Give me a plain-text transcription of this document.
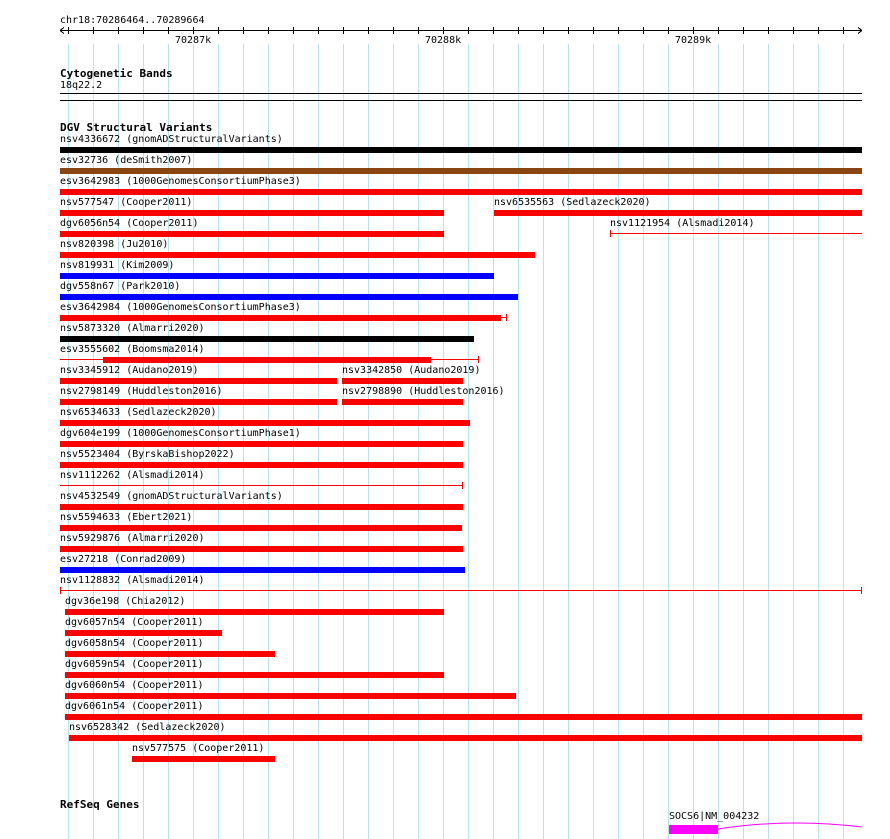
chr18:70286464..70289664
70287k	70288k	70289k
Cytogenetic Bands
18q22.2
DGV Structural Variants
nsv4336672 (gnomADStructuralVariants)
esv32736 (deSmith2007)
esv3642983 (1000GenomesConsortiumPhase3)
nsv577547 (Cooper2011)	nsv6535563 (Sedlazeck2020)
dgv6056n54 (Cooper2011)	nsv1121954 (Alsmadi2014)
nsv820398 (Ju2010)
nsv819931 (Kim2009)
dgv558n67 (Park2010)
esv3642984 (1000GenomesConsortiumPhase3)
nsv5873320 (Almarri2020)
esv3555602 (Boomsma2014)
nsv3345912 (Audano2019)	nsv3342850 (Audano2019)
nsv2798149 (Huddleston2016)	nsv2798890 (Huddleston2016)
nsv6534633 (Sedlazeck2020)
dgv604e199 (1000GenomesConsortiumPhase1)
nsv5523404 (ByrskaBishop2022)
nsv1112262 (Alsmadi2014)
nsv4532549 (gnomADStructuralVariants)
nsv5594633 (Ebert2021)
nsv5929876 (Almarri2020)
esv27218 (Conrad2009)
nsv1128832 (Alsmadi2014)
dgv36e198 (Chia2012)
dgv6057n54 (Cooper2011)
dgv6058n54 (Cooper2011)
dgv6059n54 (Cooper2011)
dgv6060n54 (Cooper2011)
dgv6061n54 (Cooper2011)
nsv6528342 (Sedlazeck2020)
nsv577575 (Cooper2011)
RefSeq Genes
SOCS6|NM_004232
